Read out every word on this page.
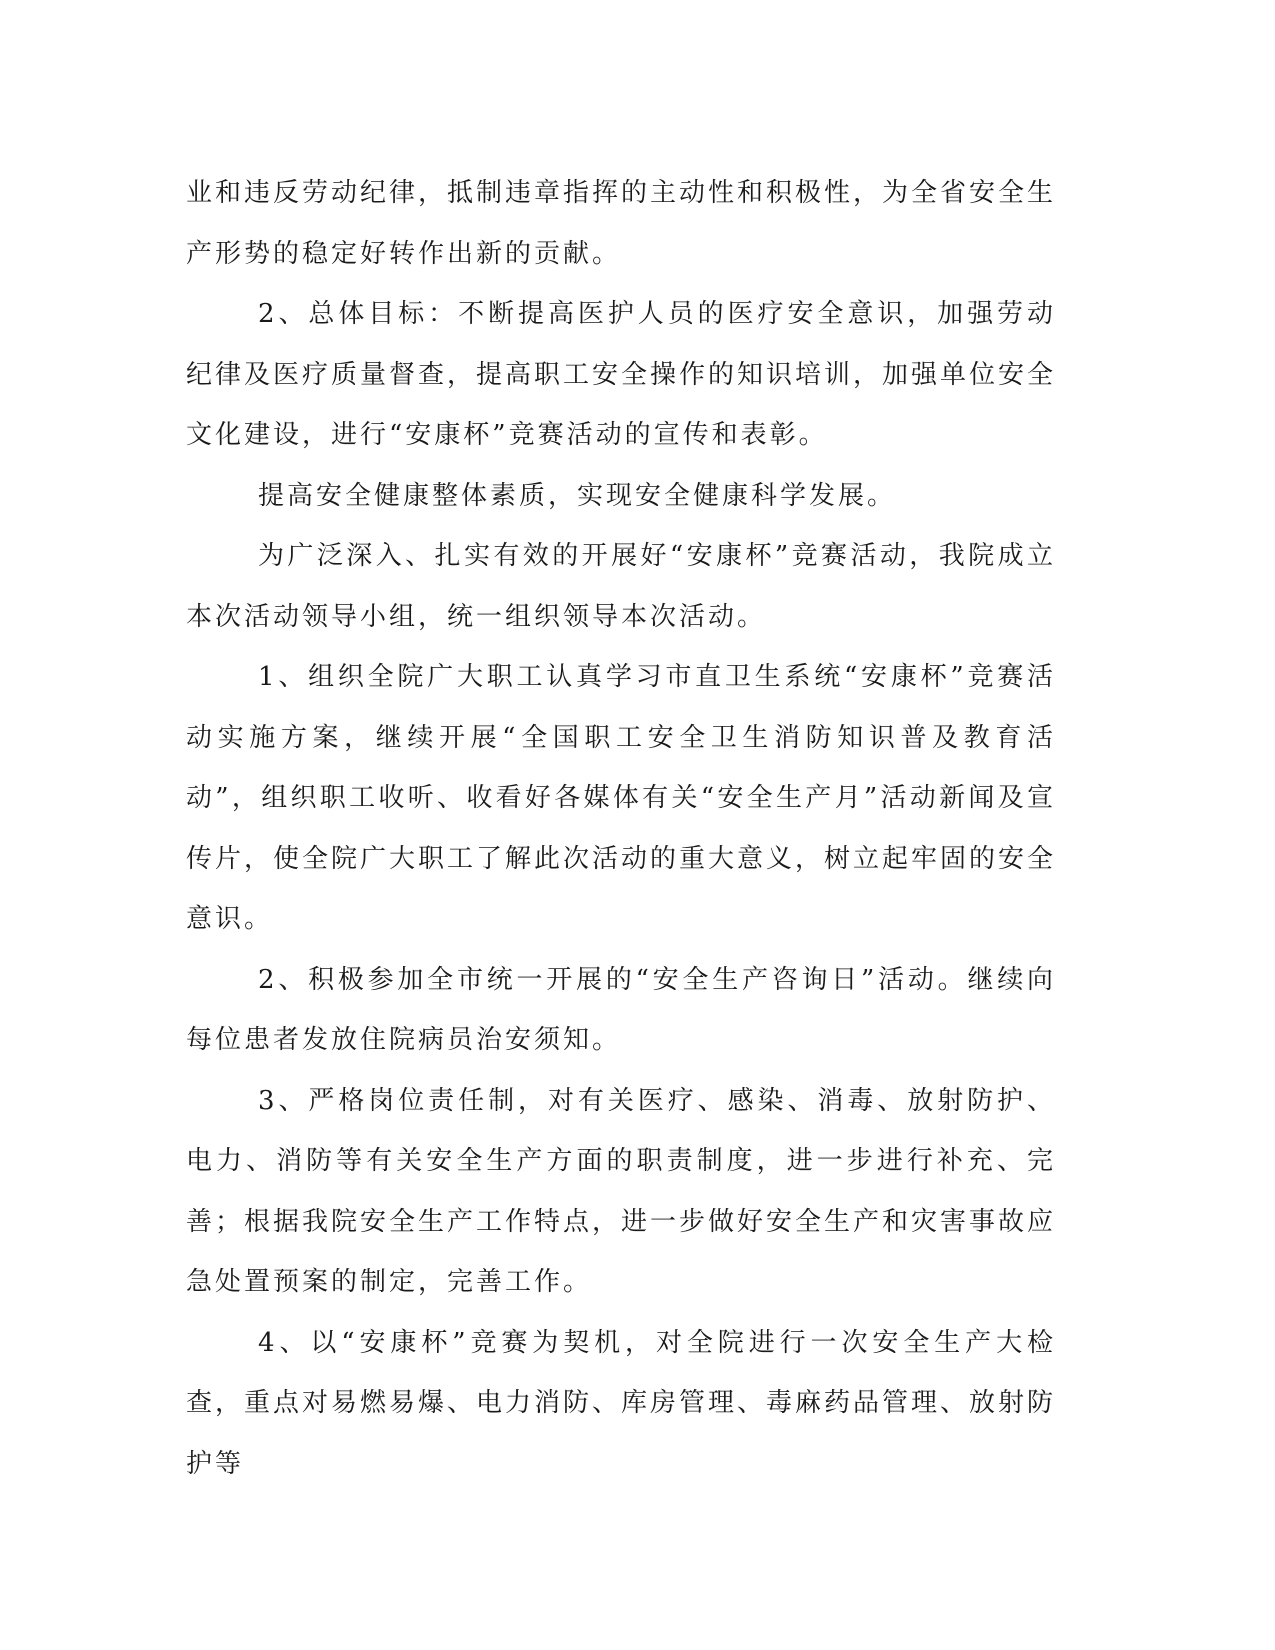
业和违反劳动纪律，抵制违章指挥的主动性和积极性，为全省安全生产形势的稳定好转作出新的贡献。

2、总体目标：不断提高医护人员的医疗安全意识，加强劳动纪律及医疗质量督查，提高职工安全操作的知识培训，加强单位安全文化建设，进行“安康杯”竞赛活动的宣传和表彰。

提高安全健康整体素质，实现安全健康科学发展。

为广泛深入、扎实有效的开展好“安康杯”竞赛活动，我院成立本次活动领导小组，统一组织领导本次活动。

1、组织全院广大职工认真学习市直卫生系统“安康杯”竞赛活动实施方案，继续开展“全国职工安全卫生消防知识普及教育活动”，组织职工收听、收看好各媒体有关“安全生产月”活动新闻及宣传片，使全院广大职工了解此次活动的重大意义，树立起牢固的安全意识。

2、积极参加全市统一开展的“安全生产咨询日”活动。继续向每位患者发放住院病员治安须知。

3、严格岗位责任制，对有关医疗、感染、消毒、放射防护、电力、消防等有关安全生产方面的职责制度，进一步进行补充、完善；根据我院安全生产工作特点，进一步做好安全生产和灾害事故应急处置预案的制定，完善工作。

4、以“安康杯”竞赛为契机，对全院进行一次安全生产大检查，重点对易燃易爆、电力消防、库房管理、毒麻药品管理、放射防护等
